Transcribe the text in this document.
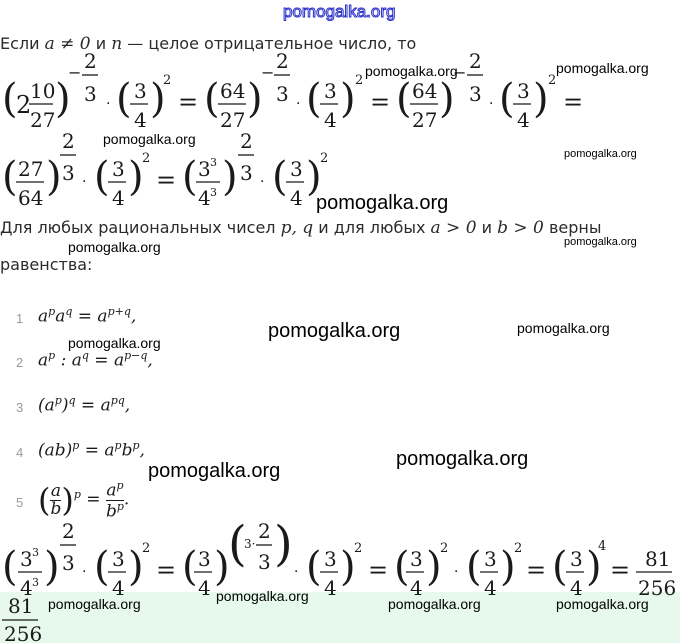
pomogalka.org
Если a ≠ 0 и n — целое отрицательное число, то
(
2
10
27 )
− 2
3 · ( 3
4 )
2
= ( 64
27 )
− 2
3 · ( 3
4 ) 2
= ( 64
27 )
− 2
3 · ( 3
4 ) 2
=
( 27
64 )
2
3 · ( 3
4 )
2
= ( 3 3
4 3 )
2
3 · ( 3
4 )
2
( 3 3
4 3 )
2
3 · ( 3
4 )
2
= ( 3
4 )
(
3·
2
3 ) · ( 3
4 )
2
= ( 3
4 )
2
· ( 3
4 )
2
= ( 3
4 )
4
= 81
256
81
256
Для любых рациональных чисел p, q и для любых a > 0 и b > 0 верны
равенства:
1 $a^pa^q = a^{p+q}$,
2 $a^p$ : $a^q = a^{p-q}$,
3 $(a^p)^q = a^{pq}$,
4 $(ab)^p = a^pb^p$,
5 ( $\frac{a}{b} )^p = \frac{a^p}{b^p}$ .
pomogalka.org	pomogalka.org
pomogalka.org
pomogalka.org
pomogalka.org
pomogalka.org	pomogalka.org
pomogalka.org	pomogalka.org
pomogalka.org
pomogalka.org
pomogalka.org
pomogalka.org
pomogalka.org	pomogalka.org	pomogalka.org
